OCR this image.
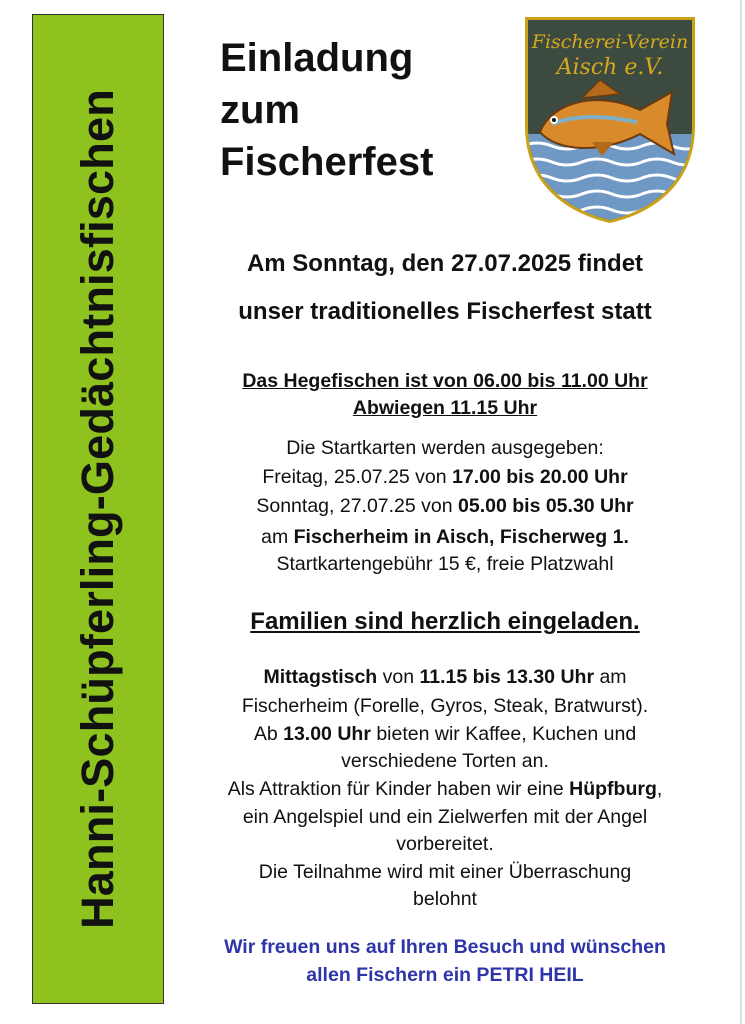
Hanni-Schüpferling-Gedächtnisfischen
Einladung
zum
Fischerfest
Fischerei-Verein
Aisch e.V.
Am Sonntag, den 27.07.2025 findet
unser traditionelles Fischerfest statt
Das Hegefischen ist von 06.00 bis 11.00 Uhr
Abwiegen 11.15 Uhr
Die Startkarten werden ausgegeben:
Freitag, 25.07.25 von 17.00 bis 20.00 Uhr
Sonntag, 27.07.25 von 05.00 bis 05.30 Uhr
am Fischerheim in Aisch, Fischerweg 1.
Startkartengebühr 15 €, freie Platzwahl
Familien sind herzlich eingeladen.
Mittagstisch von 11.15 bis 13.30 Uhr am
Fischerheim (Forelle, Gyros, Steak, Bratwurst).
Ab 13.00 Uhr bieten wir Kaffee, Kuchen und
verschiedene Torten an.
Als Attraktion für Kinder haben wir eine Hüpfburg,
ein Angelspiel und ein Zielwerfen mit der Angel
vorbereitet.
Die Teilnahme wird mit einer Überraschung
belohnt
Wir freuen uns auf Ihren Besuch und wünschen
allen Fischern ein PETRI HEIL
